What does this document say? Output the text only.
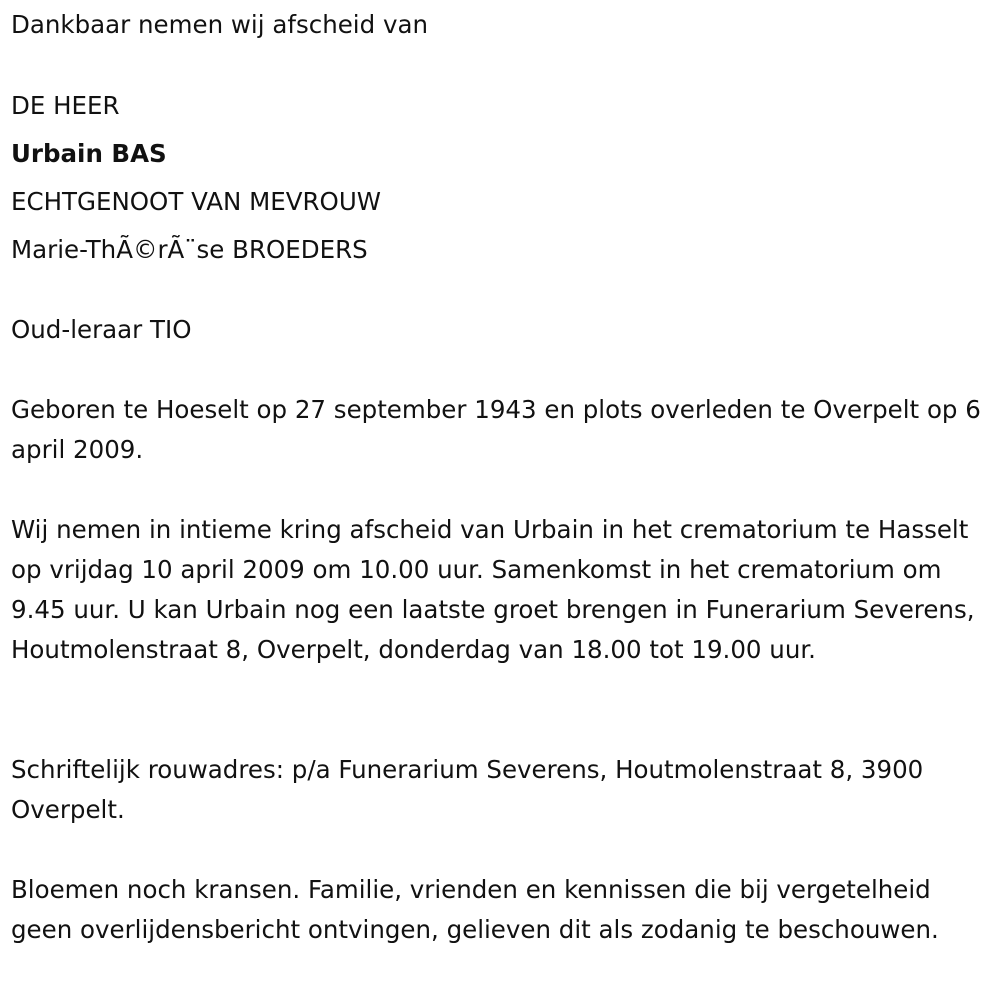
Dankbaar nemen wij afscheid van

DE HEER

Urbain BAS

ECHTGENOOT VAN MEVROUW

Marie-ThÃ©rÃ¨se BROEDERS

Oud-leraar TIO

Geboren te Hoeselt op 27 september 1943 en plots overleden te Overpelt op 6 april 2009.

Wij nemen in intieme kring afscheid van Urbain in het crematorium te Hasselt op vrijdag 10 april 2009 om 10.00 uur. Samenkomst in het crematorium om 9.45 uur. U kan Urbain nog een laatste groet brengen in Funerarium Severens, Houtmolenstraat 8, Overpelt, donderdag van 18.00 tot 19.00 uur.

Schriftelijk rouwadres: p/a Funerarium Severens, Houtmolenstraat 8, 3900 Overpelt.

Bloemen noch kransen. Familie, vrienden en kennissen die bij vergetelheid geen overlijdensbericht ontvingen, gelieven dit als zodanig te beschouwen.
